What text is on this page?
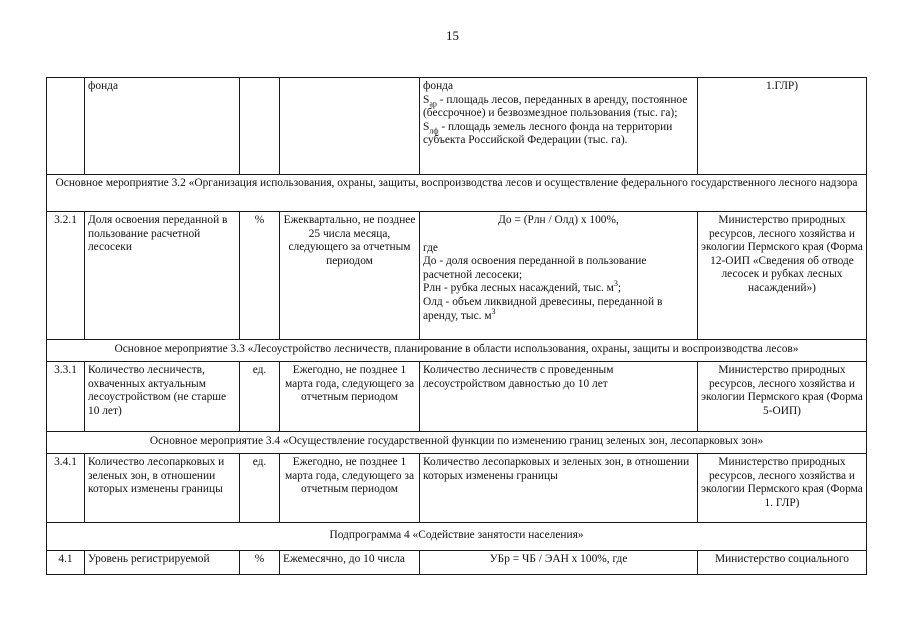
15
	фонда			фонда
$S_{ар}$ - площадь лесов, переданных в аренду, постоянное (бессрочное) и безвозмездное пользования (тыс. га);
$S_{лф}$ - площадь земель лесного фонда на территории субъекта Российской Федерации (тыс. га).	1.ГЛР)
Основное мероприятие 3.2 «Организация использования, охраны, защиты, воспроизводства лесов и осуществление федерального государственного лесного надзора					
3.2.1	Доля освоения переданной в пользование расчетной лесосеки	%	Ежеквартально, не позднее 25 числа месяца, следующего за отчетным периодом	До = (Рлн / Олд) х 100%,
где
До - доля освоения переданной в пользование расчетной лесосеки;
Рлн - рубка лесных насаждений, тыс. $м^3$;
Олд - объем ликвидной древесины, переданной в аренду, тыс. $м^3$	Министерство природных ресурсов, лесного хозяйства и экологии Пермского края (Форма 12-ОИП «Сведения об отводе лесосек и рубках лесных насаждений»)
Основное мероприятие 3.3 «Лесоустройство лесничеств, планирование в области использования, охраны, защиты и воспроизводства лесов»					
3.3.1	Количество лесничеств, охваченных актуальным лесоустройством (не старше 10 лет)	ед.	Ежегодно, не позднее 1 марта года, следующего за отчетным периодом	Количество лесничеств с проведенным лесоустройством давностью до 10 лет	Министерство природных ресурсов, лесного хозяйства и экологии Пермского края (Форма 5-ОИП)
Основное мероприятие 3.4 «Осуществление государственной функции по изменению границ зеленых зон, лесопарковых зон»					
3.4.1	Количество лесопарковых и зеленых зон, в отношении которых изменены границы	ед.	Ежегодно, не позднее 1 марта года, следующего за отчетным периодом	Количество лесопарковых и зеленых зон, в отношении которых изменены границы	Министерство природных ресурсов, лесного хозяйства и экологии Пермского края (Форма 1. ГЛР)
Подпрограмма 4 «Содействие занятости населения»					
4.1	Уровень регистрируемой	%	Ежемесячно, до 10 числа	УБр = ЧБ / ЭАН х 100%, где	Министерство социального
